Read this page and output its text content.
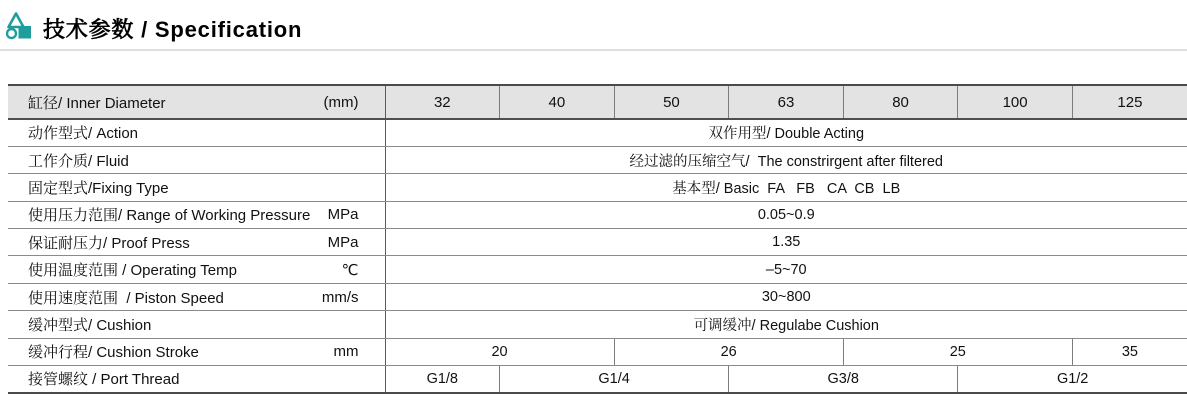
技术参数 / Specification
缸径/ Inner Diameter (mm)	32	40	50	63	80	100	125

动作型式/ Action	双作用型/ Double Acting						

工作介质/ Fluid	经过滤的压缩空气/  The constrirgent after filtered						

固定型式/Fixing Type	基本型/ Basic  FA   FB   CA  CB  LB						

使用压力范围/ Range of Working Pressure MPa	0.05~0.9						

保证耐压力/ Proof Press MPa	1.35						

使用温度范围 / Operating Temp ℃	–5~70						

使用速度范围  / Piston Speed mm/s	30~800						

缓冲型式/ Cushion	可调缓冲/ Regulabe Cushion						

缓冲行程/ Cushion Stroke mm	20		26		25		35

接管螺纹 / Port Thread	G1/8	G1/4		G3/8		G1/2	
